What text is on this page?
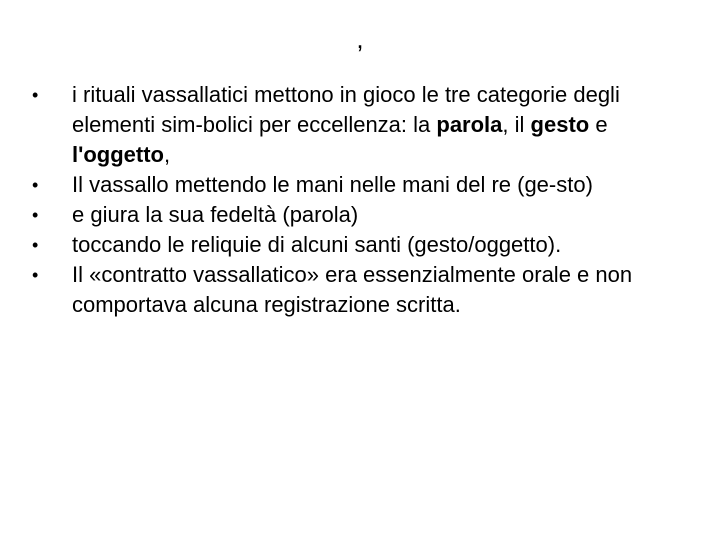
,
• i rituali vassallatici mettono in gioco le tre categorie degli elementi sim-bolici per eccellenza: la parola, il gesto e l'oggetto,
• Il vassallo mettendo le mani nelle mani del re (ge-sto)
• e giura la sua fedeltà (parola)
• toccando le reliquie di alcuni santi (gesto/oggetto).
• Il «contratto vassallatico» era essenzialmente orale e non comportava alcuna registrazione scritta.
